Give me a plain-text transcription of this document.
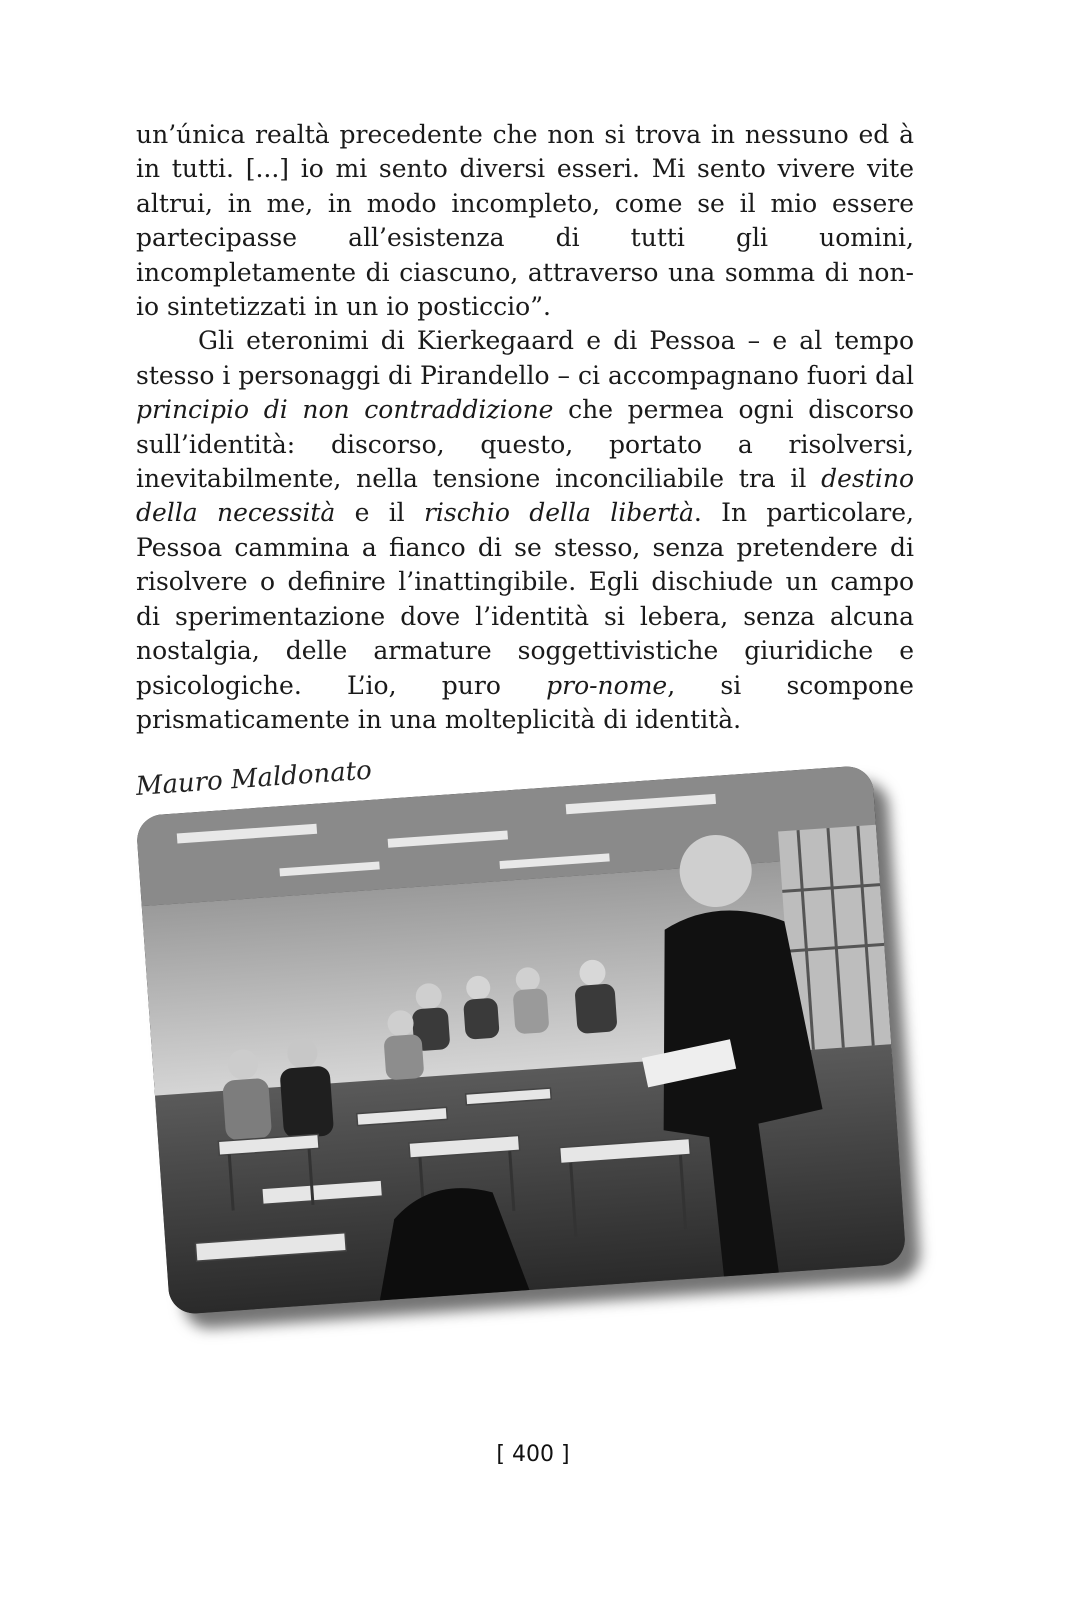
un’única realtà precedente che non si trova in nessuno ed à in tutti. [...] io mi sento diversi esseri. Mi sento vivere vite altrui, in me, in modo incompleto, come se il mio essere partecipasse all’esistenza di tutti gli uomini, incompletamente di ciascuno, attraverso una somma di non-io sintetizzati in un io posticcio”.

Gli eteronimi di Kierkegaard e di Pessoa – e al tempo stesso i personaggi di Pirandello – ci accompagnano fuori dal principio di non contraddizione che permea ogni discorso sull’identità: discorso, questo, portato a risolversi, inevitabilmente, nella tensione inconciliabile tra il destino della necessità e il rischio della libertà. In particolare, Pessoa cammina a fianco di se stesso, senza pretendere di risolvere o definire l’inattingibile. Egli dischiude un campo di sperimentazione dove l’identità si lebera, senza alcuna nostalgia, delle armature soggettivistiche giuridiche e psicologiche. L’io, puro pro-nome, si scompone prismaticamente in una molteplicità di identità.

Mauro Maldonato
[ 400 ]
